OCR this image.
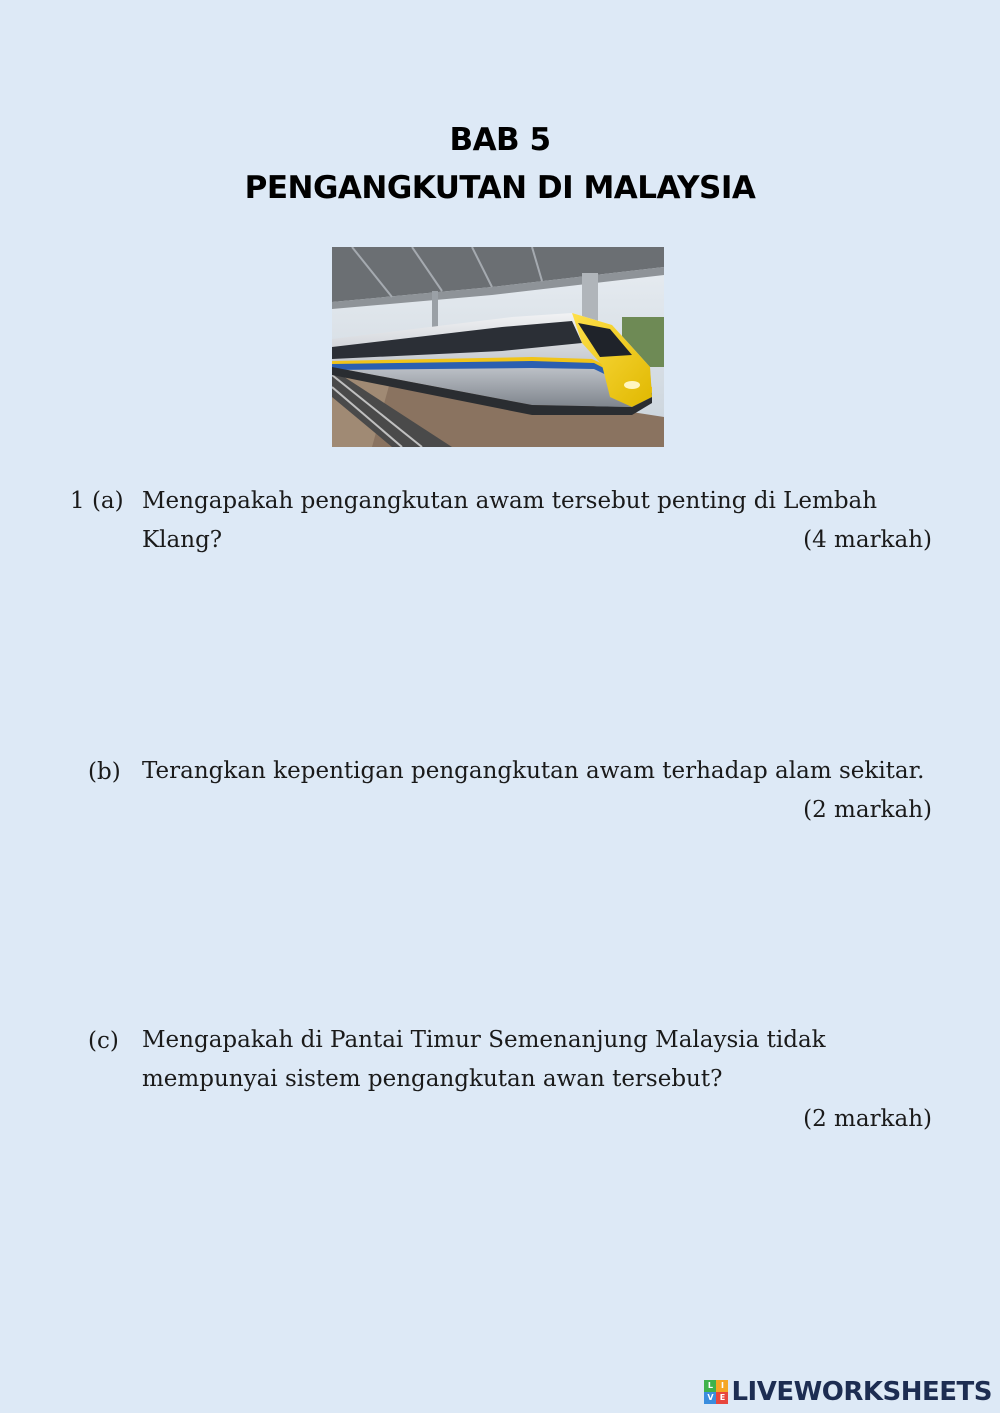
BAB 5
PENGANGKUTAN DI MALAYSIA
1 (a) Mengapakah pengangkutan awam tersebut penting di Lembah Klang?	(4 markah)
(b) Terangkan kepentigan pengangkutan awam terhadap alam sekitar.
(2 markah)
(c) Mengapakah di Pantai Timur Semenanjung Malaysia tidak mempunyai sistem pengangkutan awan tersebut?
(2 markah)
L I
V E LIVEWORKSHEETS
